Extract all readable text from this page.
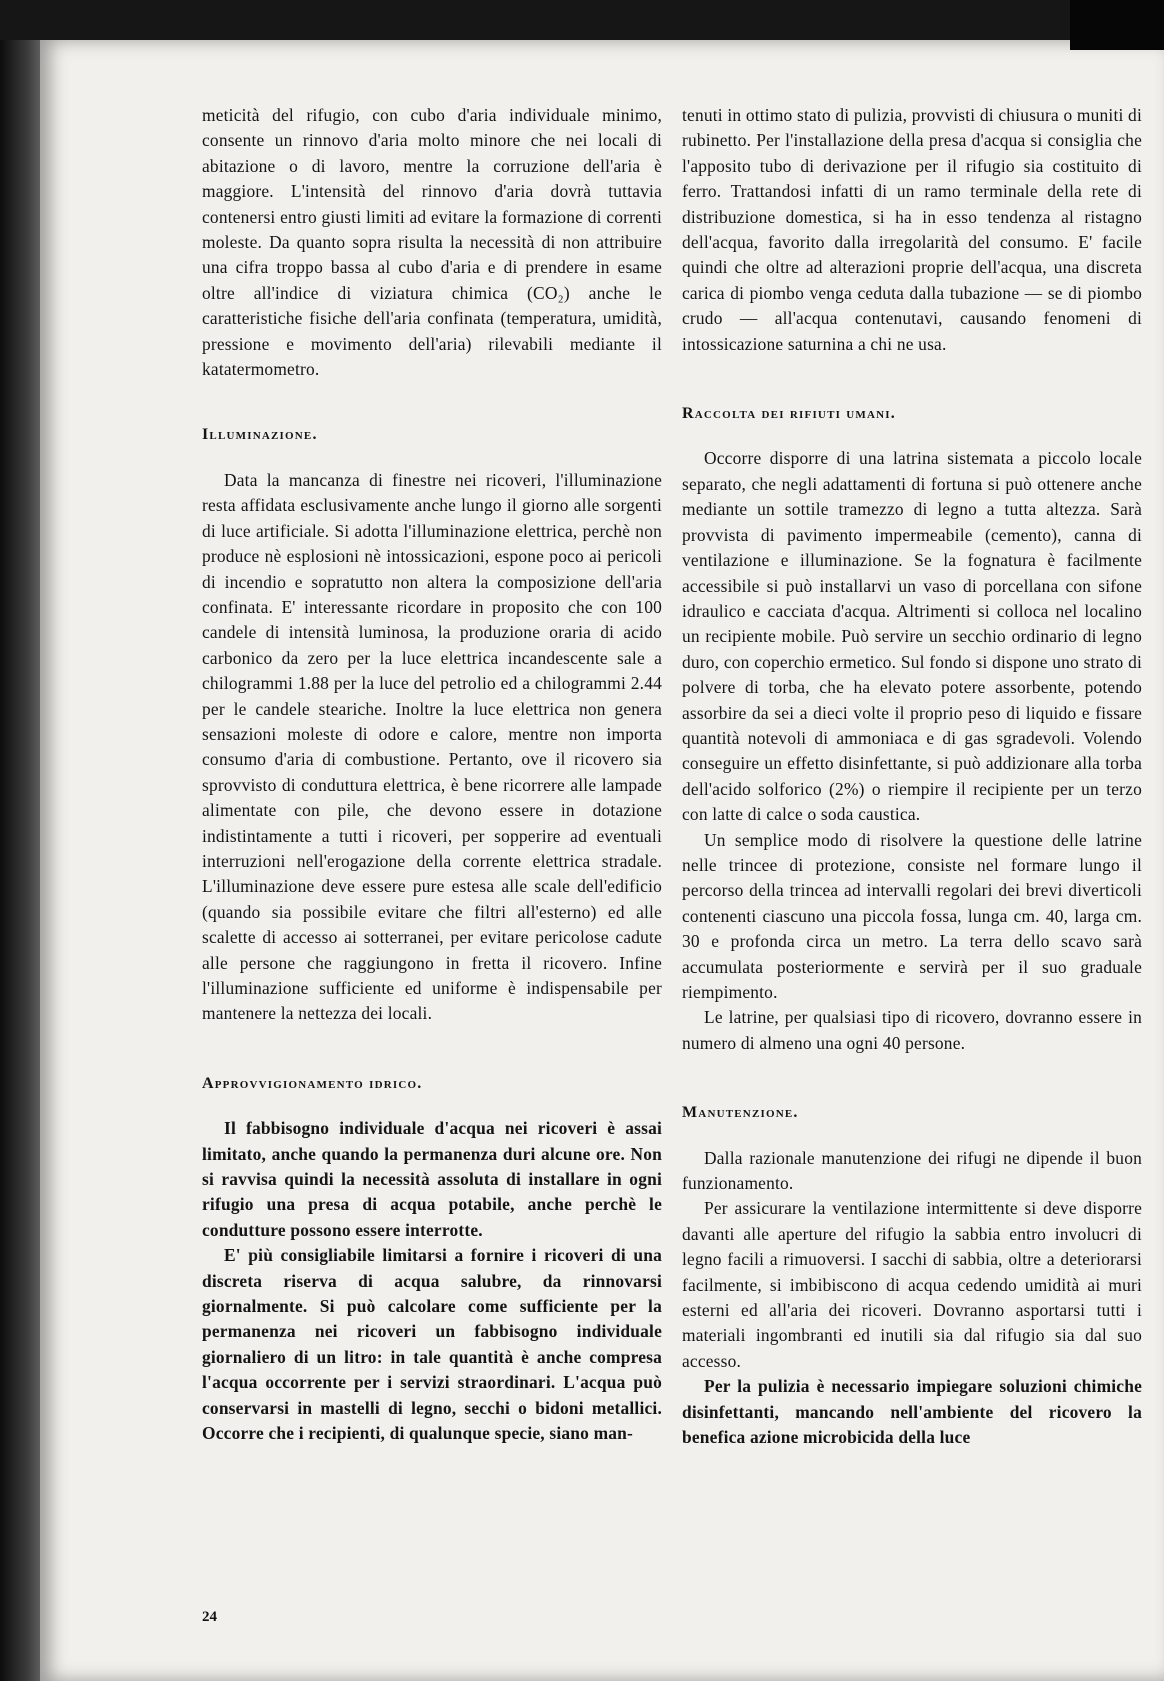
meticità del rifugio, con cubo d'aria individuale minimo, consente un rinnovo d'aria molto minore che nei locali di abitazione o di lavoro, mentre la corruzione dell'aria è maggiore. L'intensità del rinnovo d'aria dovrà tuttavia contenersi entro giusti limiti ad evitare la formazione di correnti moleste. Da quanto sopra risulta la necessità di non attribuire una cifra troppo bassa al cubo d'aria e di prendere in esame oltre all'indice di viziatura chimica (CO₂) anche le caratteristiche fisiche dell'aria confinata (temperatura, umidità, pressione e movimento dell'aria) rilevabili mediante il katatermometro.

Illuminazione.

Data la mancanza di finestre nei ricoveri, l'illuminazione resta affidata esclusivamente anche lungo il giorno alle sorgenti di luce artificiale. Si adotta l'illuminazione elettrica, perchè non produce nè esplosioni nè intossicazioni, espone poco ai pericoli di incendio e sopratutto non altera la composizione dell'aria confinata. E' interessante ricordare in proposito che con 100 candele di intensità luminosa, la produzione oraria di acido carbonico da zero per la luce elettrica incandescente sale a chilogrammi 1.88 per la luce del petrolio ed a chilogrammi 2.44 per le candele steariche. Inoltre la luce elettrica non genera sensazioni moleste di odore e calore, mentre non importa consumo d'aria di combustione. Pertanto, ove il ricovero sia sprovvisto di conduttura elettrica, è bene ricorrere alle lampade alimentate con pile, che devono essere in dotazione indistintamente a tutti i ricoveri, per sopperire ad eventuali interruzioni nell'erogazione della corrente elettrica stradale. L'illuminazione deve essere pure estesa alle scale dell'edificio (quando sia possibile evitare che filtri all'esterno) ed alle scalette di accesso ai sotterranei, per evitare pericolose cadute alle persone che raggiungono in fretta il ricovero. Infine l'illuminazione sufficiente ed uniforme è indispensabile per mantenere la nettezza dei locali.

Approvvigionamento idrico.

Il fabbisogno individuale d'acqua nei ricoveri è assai limitato, anche quando la permanenza duri alcune ore. Non si ravvisa quindi la necessità assoluta di installare in ogni rifugio una presa di acqua potabile, anche perchè le condutture possono essere interrotte.

E' più consigliabile limitarsi a fornire i ricoveri di una discreta riserva di acqua salubre, da rinnovarsi giornalmente. Si può calcolare come sufficiente per la permanenza nei ricoveri un fabbisogno individuale giornaliero di un litro: in tale quantità è anche compresa l'acqua occorrente per i servizi straordinari. L'acqua può conservarsi in mastelli di legno, secchi o bidoni metallici. Occorre che i recipienti, di qualunque specie, siano man-

tenuti in ottimo stato di pulizia, provvisti di chiusura o muniti di rubinetto. Per l'installazione della presa d'acqua si consiglia che l'apposito tubo di derivazione per il rifugio sia costituito di ferro. Trattandosi infatti di un ramo terminale della rete di distribuzione domestica, si ha in esso tendenza al ristagno dell'acqua, favorito dalla irregolarità del consumo. E' facile quindi che oltre ad alterazioni proprie dell'acqua, una discreta carica di piombo venga ceduta dalla tubazione — se di piombo crudo — all'acqua contenutavi, causando fenomeni di intossicazione saturnina a chi ne usa.

Raccolta dei rifiuti umani.

Occorre disporre di una latrina sistemata a piccolo locale separato, che negli adattamenti di fortuna si può ottenere anche mediante un sottile tramezzo di legno a tutta altezza. Sarà provvista di pavimento impermeabile (cemento), canna di ventilazione e illuminazione. Se la fognatura è facilmente accessibile si può installarvi un vaso di porcellana con sifone idraulico e cacciata d'acqua. Altrimenti si colloca nel localino un recipiente mobile. Può servire un secchio ordinario di legno duro, con coperchio ermetico. Sul fondo si dispone uno strato di polvere di torba, che ha elevato potere assorbente, potendo assorbire da sei a dieci volte il proprio peso di liquido e fissare quantità notevoli di ammoniaca e di gas sgradevoli. Volendo conseguire un effetto disinfettante, si può addizionare alla torba dell'acido solforico (2%) o riempire il recipiente per un terzo con latte di calce o soda caustica.

Un semplice modo di risolvere la questione delle latrine nelle trincee di protezione, consiste nel formare lungo il percorso della trincea ad intervalli regolari dei brevi diverticoli contenenti ciascuno una piccola fossa, lunga cm. 40, larga cm. 30 e profonda circa un metro. La terra dello scavo sarà accumulata posteriormente e servirà per il suo graduale riempimento.

Le latrine, per qualsiasi tipo di ricovero, dovranno essere in numero di almeno una ogni 40 persone.

Manutenzione.

Dalla razionale manutenzione dei rifugi ne dipende il buon funzionamento.

Per assicurare la ventilazione intermittente si deve disporre davanti alle aperture del rifugio la sabbia entro involucri di legno facili a rimuoversi. I sacchi di sabbia, oltre a deteriorarsi facilmente, si imbibiscono di acqua cedendo umidità ai muri esterni ed all'aria dei ricoveri. Dovranno asportarsi tutti i materiali ingombranti ed inutili sia dal rifugio sia dal suo accesso.

Per la pulizia è necessario impiegare soluzioni chimiche disinfettanti, mancando nell'ambiente del ricovero la benefica azione microbicida della luce

24
